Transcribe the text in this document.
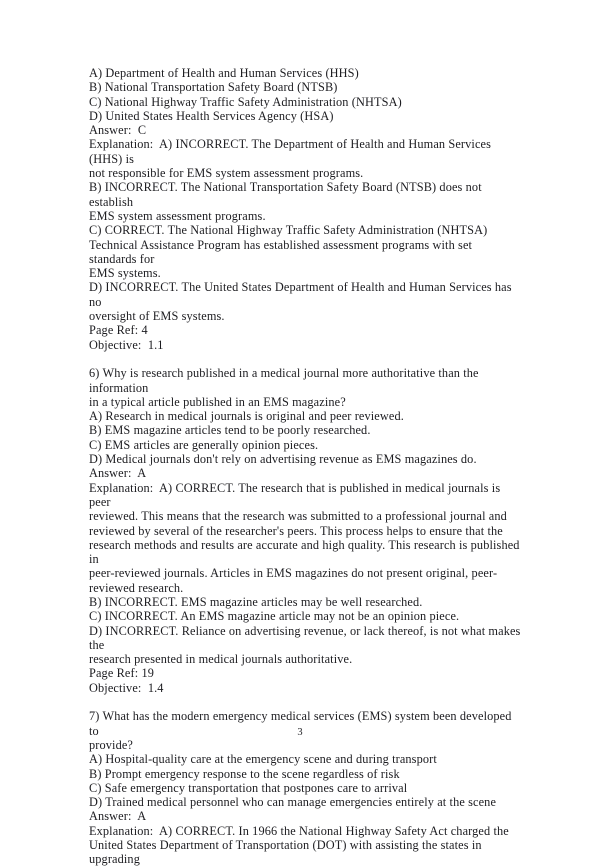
A) Department of Health and Human Services (HHS)
B) National Transportation Safety Board (NTSB)
C) National Highway Traffic Safety Administration (NHTSA)
D) United States Health Services Agency (HSA)
Answer:  C
Explanation:  A) INCORRECT. The Department of Health and Human Services (HHS) is
not responsible for EMS system assessment programs.
B) INCORRECT. The National Transportation Safety Board (NTSB) does not establish
EMS system assessment programs.
C) CORRECT. The National Highway Traffic Safety Administration (NHTSA)
Technical Assistance Program has established assessment programs with set standards for
EMS systems.
D) INCORRECT. The United States Department of Health and Human Services has no
oversight of EMS systems.
Page Ref: 4
Objective:  1.1
6) Why is research published in a medical journal more authoritative than the information
in a typical article published in an EMS magazine?
A) Research in medical journals is original and peer reviewed.
B) EMS magazine articles tend to be poorly researched.
C) EMS articles are generally opinion pieces.
D) Medical journals don't rely on advertising revenue as EMS magazines do.
Answer:  A
Explanation:  A) CORRECT. The research that is published in medical journals is peer
reviewed. This means that the research was submitted to a professional journal and
reviewed by several of the researcher's peers. This process helps to ensure that the
research methods and results are accurate and high quality. This research is published in
peer-reviewed journals. Articles in EMS magazines do not present original, peer-
reviewed research.
B) INCORRECT. EMS magazine articles may be well researched.
C) INCORRECT. An EMS magazine article may not be an opinion piece.
D) INCORRECT. Reliance on advertising revenue, or lack thereof, is not what makes the
research presented in medical journals authoritative.
Page Ref: 19
Objective:  1.4
7) What has the modern emergency medical services (EMS) system been developed to
provide?
A) Hospital-quality care at the emergency scene and during transport
B) Prompt emergency response to the scene regardless of risk
C) Safe emergency transportation that postpones care to arrival
D) Trained medical personnel who can manage emergencies entirely at the scene
Answer:  A
Explanation:  A) CORRECT. In 1966 the National Highway Safety Act charged the
United States Department of Transportation (DOT) with assisting the states in upgrading
3
